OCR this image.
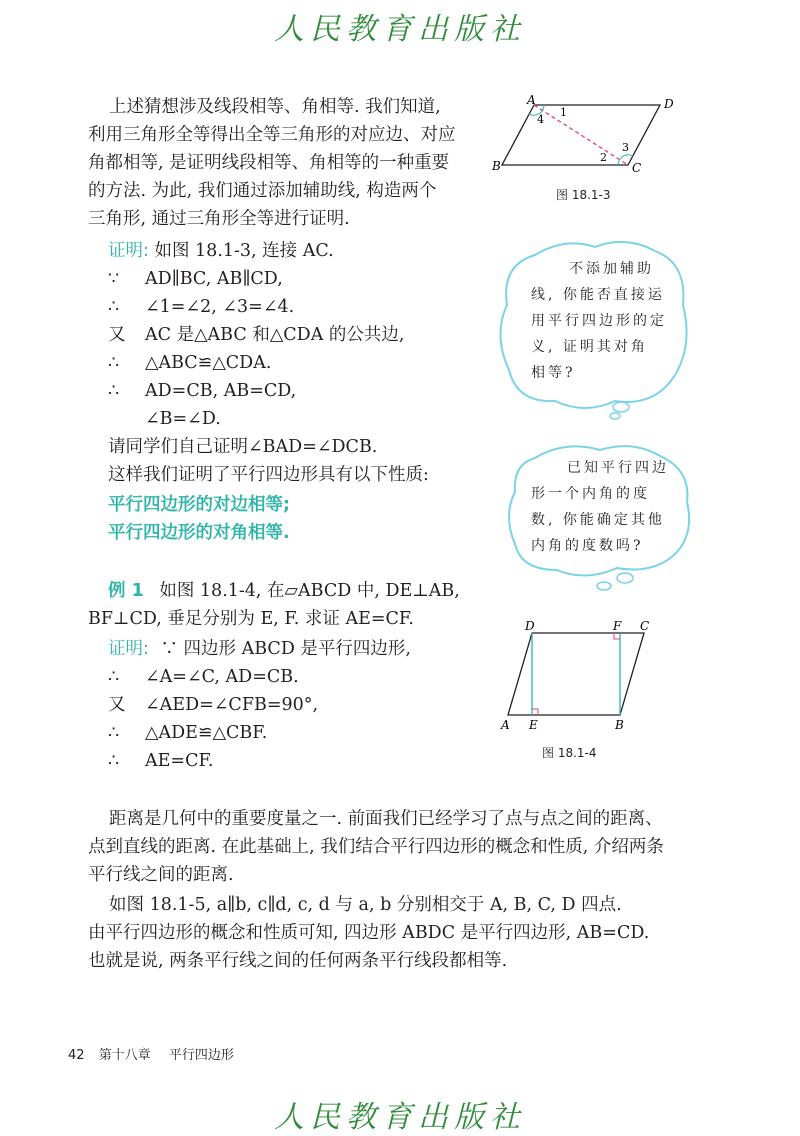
人民教育出版社
上述猜想涉及线段相等、角相等. 我们知道,
利用三角形全等得出全等三角形的对应边、对应
角都相等, 是证明线段相等、角相等的一种重要
的方法. 为此, 我们通过添加辅助线, 构造两个
三角形, 通过三角形全等进行证明.
证明: 如图 18.1-3, 连接 AC.
∵ AD∥BC, AB∥CD,
∴ ∠1=∠2, ∠3=∠4.
又 AC 是△ABC 和△CDA 的公共边,
∴ △ABC≌△CDA.
∴ AD=CB, AB=CD,
∠B=∠D.
请同学们自己证明∠BAD=∠DCB.
这样我们证明了平行四边形具有以下性质:
平行四边形的对边相等;
平行四边形的对角相等.
例 1 如图 18.1-4, 在▱ABCD 中, DE⊥AB,
BF⊥CD, 垂足分别为 E, F. 求证 AE=CF.
证明: ∵ 四边形 ABCD 是平行四边形,
∴ ∠A=∠C, AD=CB.
又 ∠AED=∠CFB=90°,
∴ △ADE≌△CBF.
∴ AE=CF.
距离是几何中的重要度量之一. 前面我们已经学习了点与点之间的距离、
点到直线的距离. 在此基础上, 我们结合平行四边形的概念和性质, 介绍两条
平行线之间的距离.
如图 18.1-5, a∥b, c∥d, c, d 与 a, b 分别相交于 A, B, C, D 四点.
由平行四边形的概念和性质可知, 四边形 ABDC 是平行四边形, AB=CD.
也就是说, 两条平行线之间的任何两条平行线段都相等.
A	D
B	C
1
4
2
3
图 18.1-3
不添加辅助
线, 你能否直接运
用平行四边形的定
义, 证明其对角
相等?
已知平行四边
形一个内角的度
数, 你能确定其他
内角的度数吗?
D	F C
A E	B
图 18.1-4
42 第十八章 平行四边形
人民教育出版社
